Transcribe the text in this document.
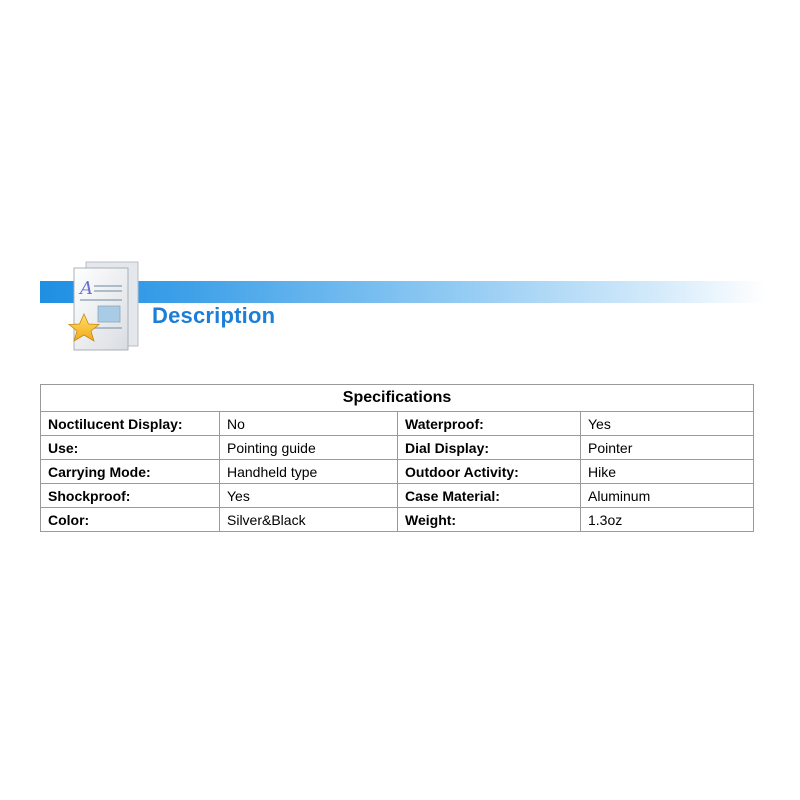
A
Description
Specifications			
Noctilucent Display:	No	Waterproof:	Yes
Use:	Pointing guide	Dial Display:	Pointer
Carrying Mode:	Handheld type	Outdoor Activity:	Hike
Shockproof:	Yes	Case Material:	Aluminum
Color:	Silver&Black	Weight:	1.3oz
